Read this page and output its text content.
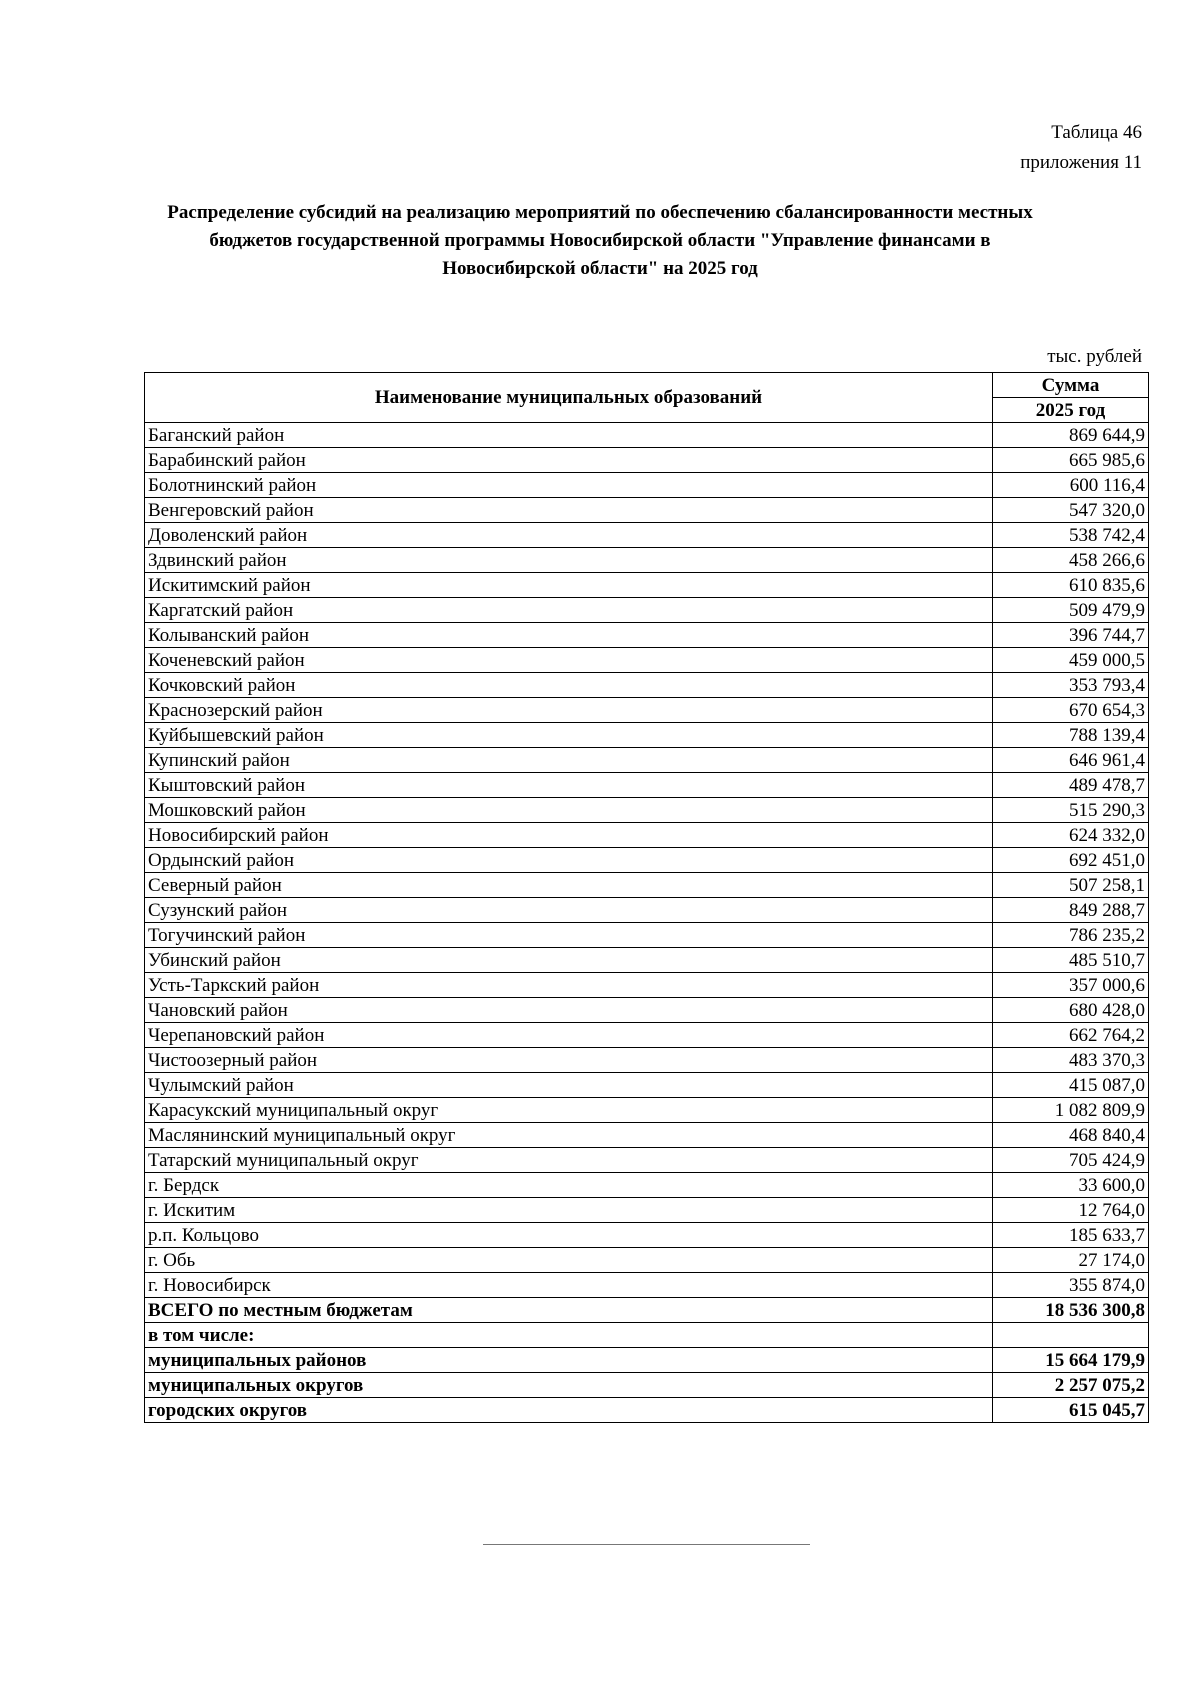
Таблица 46
приложения 11
Распределение субсидий на реализацию мероприятий по обеспечению сбалансированности местных
бюджетов государственной программы Новосибирской области "Управление финансами в
Новосибирской области" на 2025 год
тыс. рублей
Наименование муниципальных образований	Сумма
	2025 год
Баганский район	869 644,9
Барабинский район	665 985,6
Болотнинский район	600 116,4
Венгеровский район	547 320,0
Доволенский район	538 742,4
Здвинский район	458 266,6
Искитимский район	610 835,6
Каргатский район	509 479,9
Колыванский район	396 744,7
Коченевский район	459 000,5
Кочковский район	353 793,4
Краснозерский район	670 654,3
Куйбышевский район	788 139,4
Купинский район	646 961,4
Кыштовский район	489 478,7
Мошковский район	515 290,3
Новосибирский район	624 332,0
Ордынский район	692 451,0
Северный район	507 258,1
Сузунский район	849 288,7
Тогучинский район	786 235,2
Убинский район	485 510,7
Усть-Таркский район	357 000,6
Чановский район	680 428,0
Черепановский район	662 764,2
Чистоозерный район	483 370,3
Чулымский район	415 087,0
Карасукский муниципальный округ	1 082 809,9
Маслянинский муниципальный округ	468 840,4
Татарский муниципальный округ	705 424,9
г. Бердск	33 600,0
г. Искитим	12 764,0
р.п. Кольцово	185 633,7
г. Обь	27 174,0
г. Новосибирск	355 874,0
ВСЕГО по местным бюджетам	18 536 300,8
в том числе:	
муниципальных районов	15 664 179,9
муниципальных округов	2 257 075,2
городских округов	615 045,7
